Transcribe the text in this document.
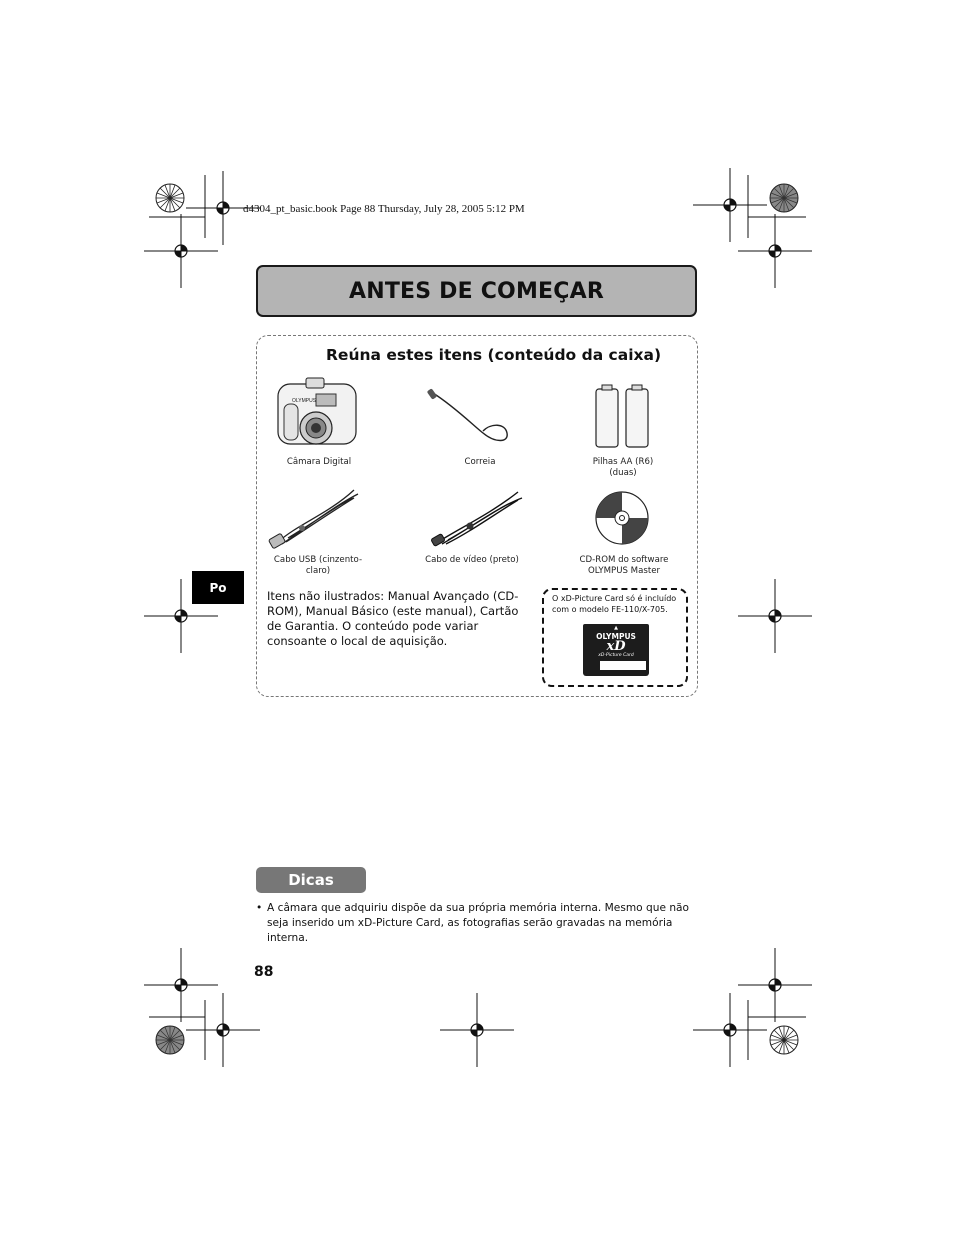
d4304_pt_basic.book Page 88 Thursday, July 28, 2005 5:12 PM
ANTES DE COMEÇAR
Reúna estes itens (conteúdo da caixa)
OLYMPUS
Câmara Digital	Correia	Pilhas AA (R6)
(duas)
Cabo USB (cinzento-claro)
Cabo de vídeo (preto)	CD-ROM do software
OLYMPUS Master
Po
Itens não ilustrados: Manual Avançado (CD-ROM), Manual Básico (este manual), Cartão de Garantia. O conteúdo pode variar consoante o local de aquisição.
O xD-Picture Card só é incluído com o modelo FE-110/X-705.
▲
OLYMPUS
xD
xD-Picture Card
Dicas
• A câmara que adquiriu dispõe da sua própria memória interna. Mesmo que não seja inserido um xD-Picture Card, as fotografias serão gravadas na memória interna.
88
